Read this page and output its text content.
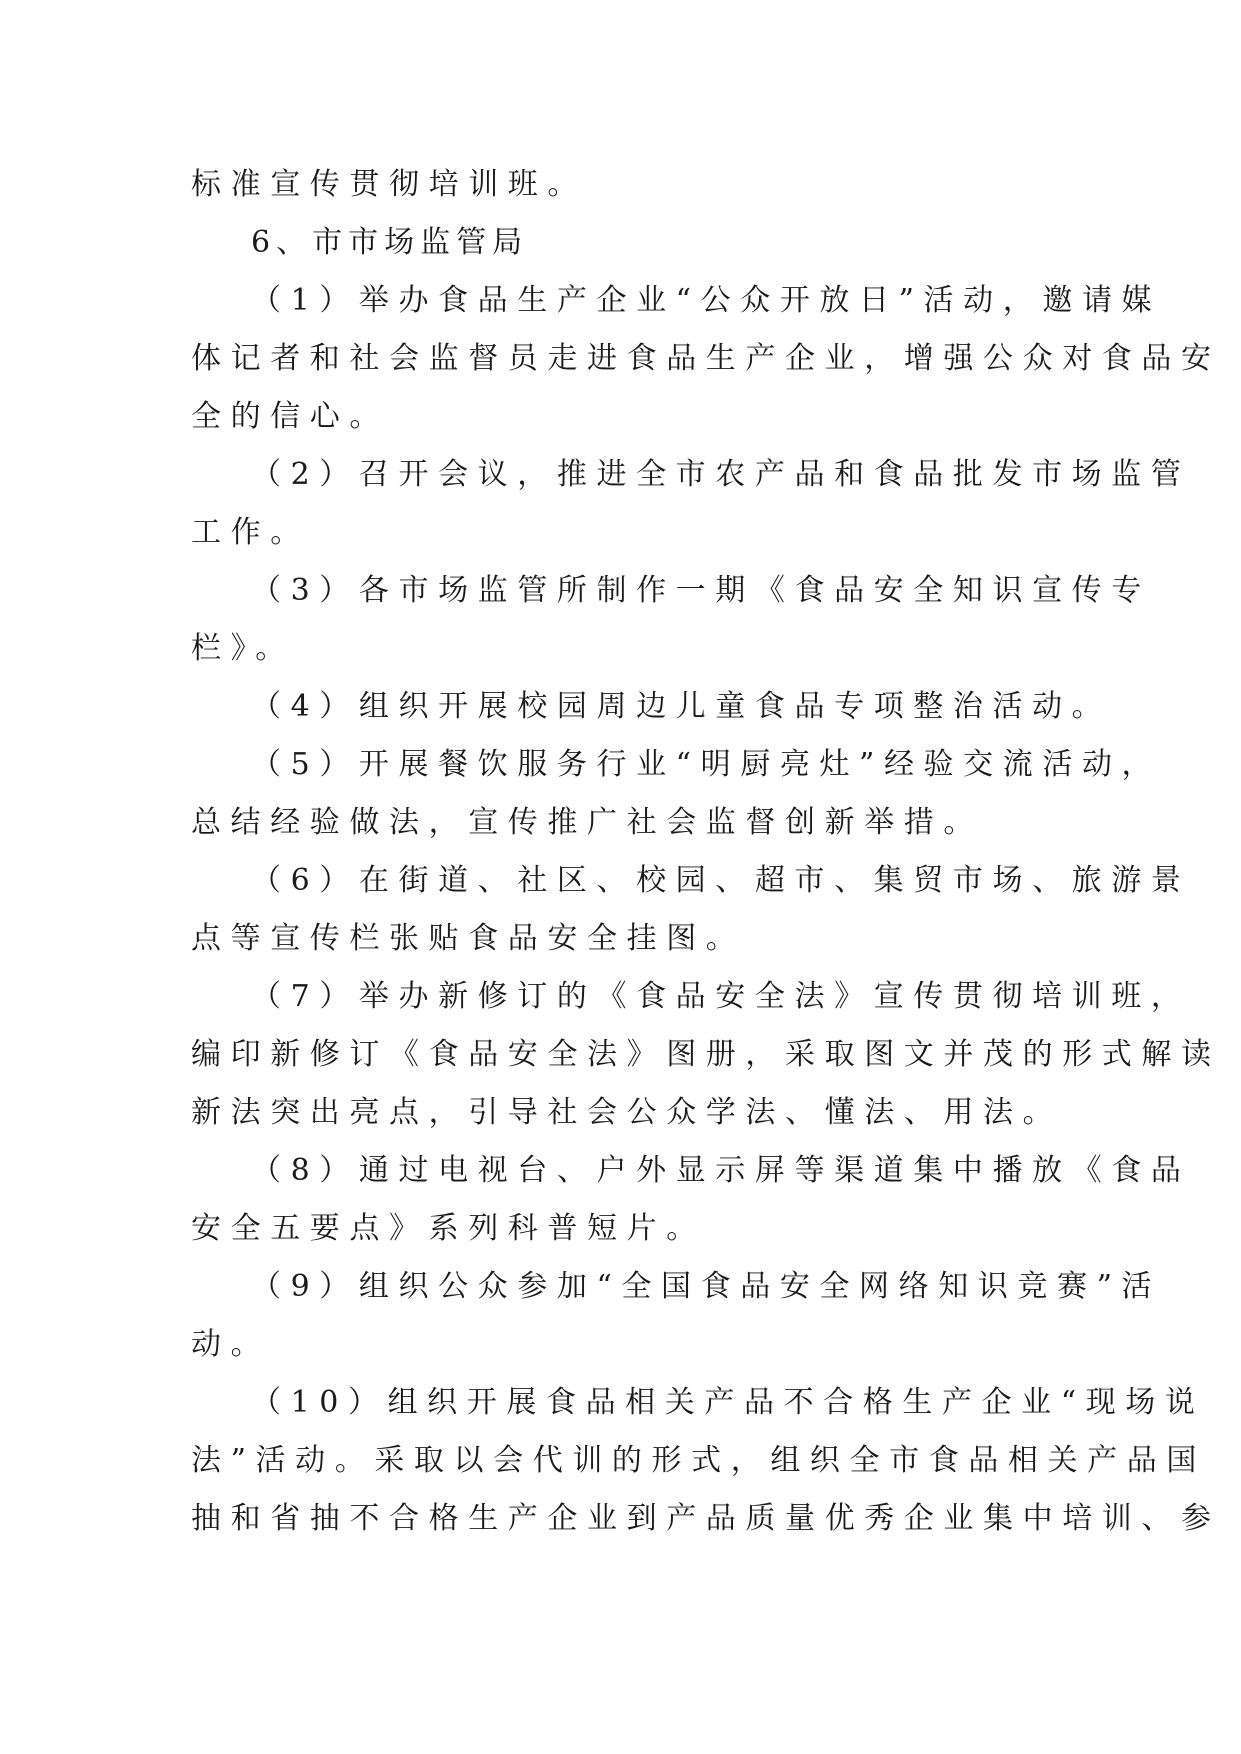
标准宣传贯彻培训班。
6、市市场监管局
（1）举办食品生产企业“公众开放日”活动，邀请媒
体记者和社会监督员走进食品生产企业，增强公众对食品安
全的信心。
（2）召开会议，推进全市农产品和食品批发市场监管
工作。
（3）各市场监管所制作一期《食品安全知识宣传专
栏》。
（4）组织开展校园周边儿童食品专项整治活动。
（5）开展餐饮服务行业“明厨亮灶”经验交流活动，
总结经验做法，宣传推广社会监督创新举措。
（6）在街道、社区、校园、超市、集贸市场、旅游景
点等宣传栏张贴食品安全挂图。
（7）举办新修订的《食品安全法》宣传贯彻培训班，
编印新修订《食品安全法》图册，采取图文并茂的形式解读
新法突出亮点，引导社会公众学法、懂法、用法。
（8）通过电视台、户外显示屏等渠道集中播放《食品
安全五要点》系列科普短片。
（9）组织公众参加“全国食品安全网络知识竞赛”活
动。
（10）组织开展食品相关产品不合格生产企业“现场说
法”活动。采取以会代训的形式，组织全市食品相关产品国
抽和省抽不合格生产企业到产品质量优秀企业集中培训、参
